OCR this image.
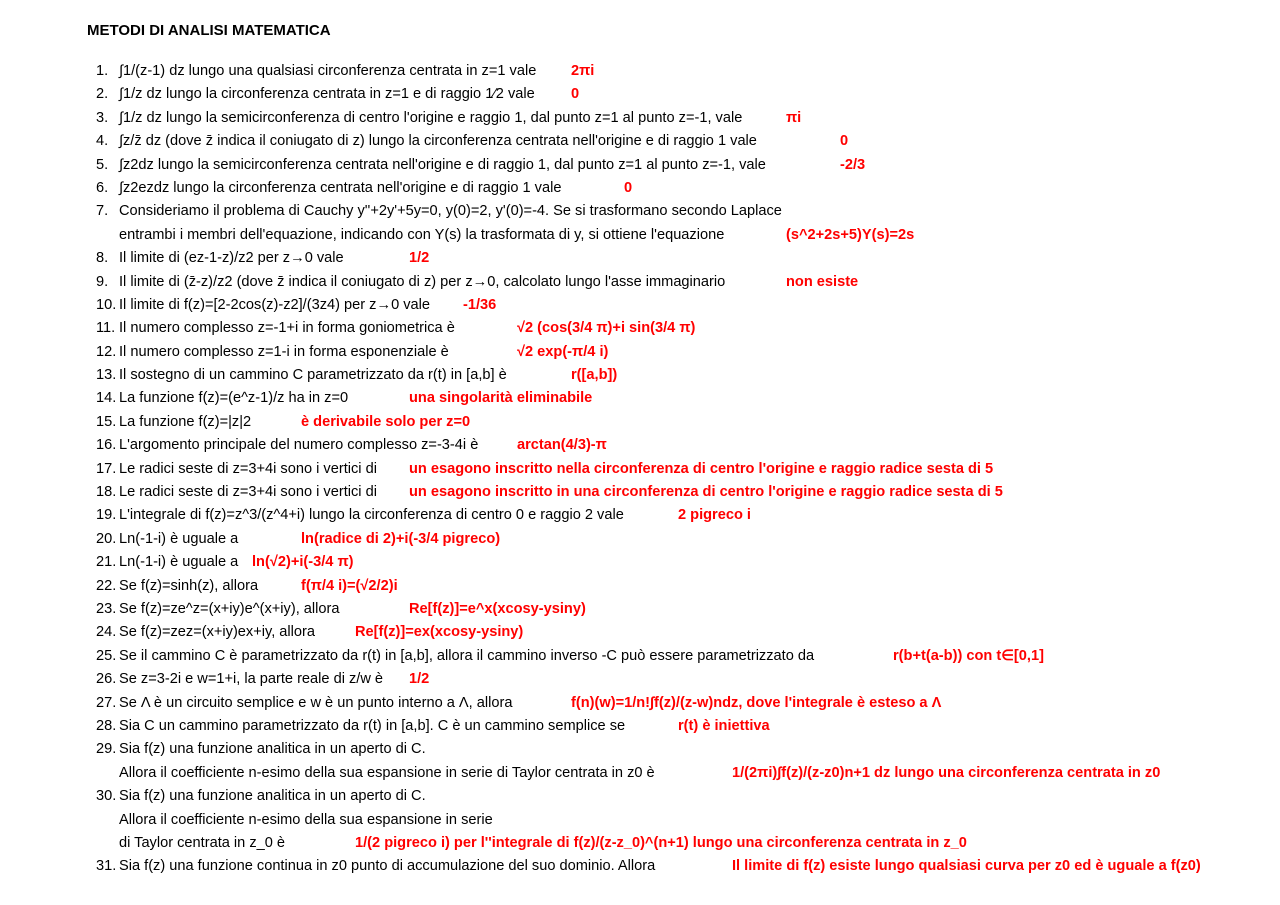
METODI DI ANALISI MATEMATICA
1. ∫1/(z-1) dz lungo una qualsiasi circonferenza centrata in z=1 vale 2πi
2. ∫1/z dz lungo la circonferenza centrata in z=1 e di raggio 1⁄2 vale 0
3. ∫1/z dz lungo la semicirconferenza di centro l'origine e raggio 1, dal punto z=1 al punto z=-1, vale	πi
4. ∫z/z̄ dz (dove z̄ indica il coniugato di z) lungo la circonferenza centrata nell'origine e di raggio 1 vale	0
5. ∫z2dz lungo la semicirconferenza centrata nell'origine e di raggio 1, dal punto z=1 al punto z=-1, vale	-2/3
6. ∫z2ezdz lungo la circonferenza centrata nell'origine e di raggio 1 vale	0
7. Consideriamo il problema di Cauchy y''+2y'+5y=0, y(0)=2, y'(0)=-4. Se si trasformano secondo Laplace
entrambi i membri dell'equazione, indicando con Y(s) la trasformata di y, si ottiene l'equazione	(s^2+2s+5)Y(s)=2s
8. Il limite di (ez-1-z)/z2 per z→0 vale	1/2
9. Il limite di (z̄-z)/z2 (dove z̄ indica il coniugato di z) per z→0, calcolato lungo l'asse immaginario	non esiste
10. Il limite di f(z)=[2-2cos(z)-z2]/(3z4) per z→0 vale -1/36
11. Il numero complesso z=-1+i in forma goniometrica è	√2 (cos(3/4 π)+i sin(3/4 π)
12. Il numero complesso z=1-i in forma esponenziale è	√2 exp(-π/4 i)
13. Il sostegno di un cammino C parametrizzato da r(t) in [a,b] è	r([a,b])
14. La funzione f(z)=(e^z-1)/z ha in z=0	una singolarità eliminabile
15. La funzione f(z)=|z|2	è derivabile solo per z=0
16. L'argomento principale del numero complesso z=-3-4i è	arctan(4/3)-π
17. Le radici seste di z=3+4i sono i vertici di un esagono inscritto nella circonferenza di centro l'origine e raggio radice sesta di 5
18. Le radici seste di z=3+4i sono i vertici di un esagono inscritto in una circonferenza di centro l'origine e raggio radice sesta di 5
19. L'integrale di f(z)=z^3/(z^4+i) lungo la circonferenza di centro 0 e raggio 2 vale	2 pigreco i
20. Ln(-1-i) è uguale a	ln(radice di 2)+i(-3/4 pigreco)
21. Ln(-1-i) è uguale a ln(√2)+i(-3/4 π)
22. Se f(z)=sinh(z), allora	f(π/4 i)=(√2/2)i
23. Se f(z)=ze^z=(x+iy)e^(x+iy), allora	Re[f(z)]=e^x(xcosy-ysiny)
24. Se f(z)=zez=(x+iy)ex+iy, allora	Re[f(z)]=ex(xcosy-ysiny)
25. Se il cammino C è parametrizzato da r(t) in [a,b], allora il cammino inverso -C può essere parametrizzato da	r(b+t(a-b)) con t∈[0,1]
26. Se z=3-2i e w=1+i, la parte reale di z/w è 1/2
27. Se Λ è un circuito semplice e w è un punto interno a Λ, allora	f(n)(w)=1/n!∫f(z)/(z-w)ndz, dove l'integrale è esteso a Λ
28. Sia C un cammino parametrizzato da r(t) in [a,b]. C è un cammino semplice se	r(t) è iniettiva
29. Sia f(z) una funzione analitica in un aperto di C.
Allora il coefficiente n-esimo della sua espansione in serie di Taylor centrata in z0 è	1/(2πi)∫f(z)/(z-z0)n+1 dz lungo una circonferenza centrata in z0
30. Sia f(z) una funzione analitica in un aperto di C.
Allora il coefficiente n-esimo della sua espansione in serie
di Taylor centrata in z_0 è	1/(2 pigreco i) per l''integrale di f(z)/(z-z_0)^(n+1) lungo una circonferenza centrata in z_0
31. Sia f(z) una funzione continua in z0 punto di accumulazione del suo dominio. Allora	Il limite di f(z) esiste lungo qualsiasi curva per z0 ed è uguale a f(z0)
